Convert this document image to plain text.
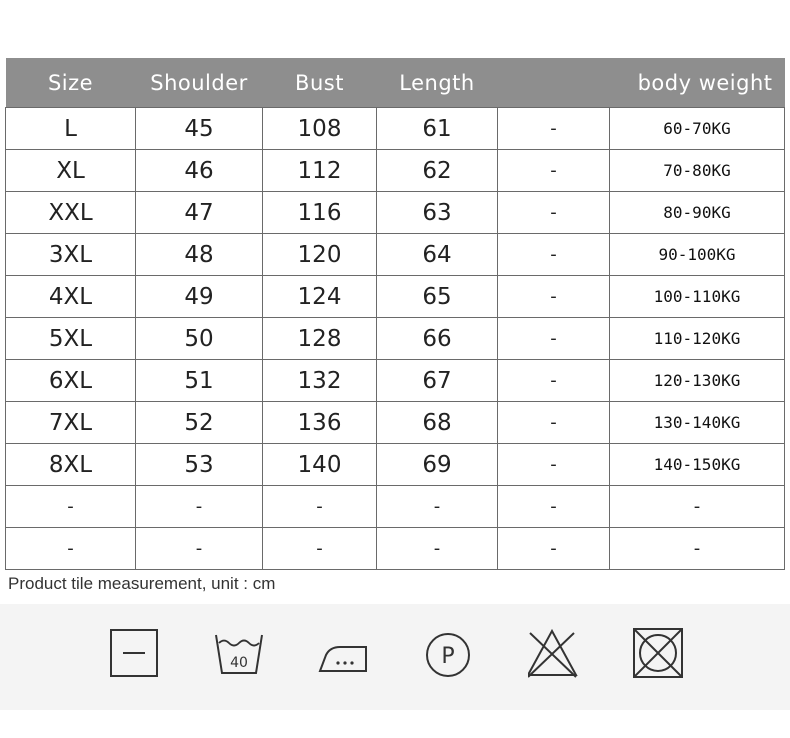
Size	Shoulder	Bust	Length		body weight
L	45	108	61	-	60-70KG
XL	46	112	62	-	70-80KG
XXL	47	116	63	-	80-90KG
3XL	48	120	64	-	90-100KG
4XL	49	124	65	-	100-110KG
5XL	50	128	66	-	110-120KG
6XL	51	132	67	-	120-130KG
7XL	52	136	68	-	130-140KG
8XL	53	140	69	-	140-150KG
-	-	-	-	-	-
-	-	-	-	-	-
Product tile measurement, unit : cm
40	P
